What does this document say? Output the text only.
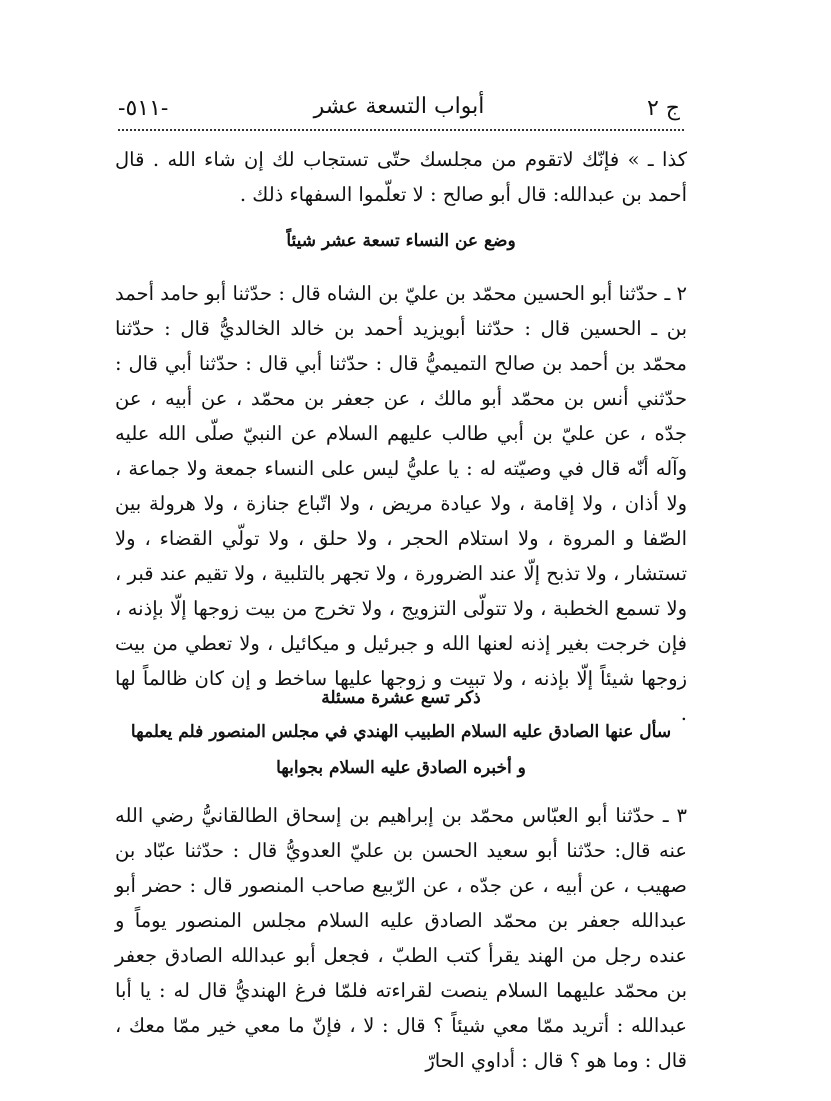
ج ٢
أبواب التسعة عشر
-٥١١-

كذا ـ » فإنّك لاتقوم من مجلسك حتّى تستجاب لك إن شاء الله . قال أحمد بن عبدالله: قال أبو صالح : لا تعلّموا السفهاء ذلك .

وضع عن النساء تسعة عشر شيئاً

٢ ـ حدّثنا أبو الحسين محمّد بن عليّ بن الشاه قال : حدّثنا أبو حامد أحمد بن ـ الحسين قال : حدّثنا أبويزيد أحمد بن خالد الخالديُّ قال : حدّثنا محمّد بن أحمد بن صالح التميميُّ قال : حدّثنا أبي قال : حدّثنا أبي قال : حدّثني أنس بن محمّد أبو مالك ، عن جعفر بن محمّد ، عن أبيه ، عن جدّه ، عن عليّ بن أبي طالب عليهم السلام عن النبيّ صلّى الله عليه وآله أنّه قال في وصيّته له : يا عليُّ ليس على النساء جمعة ولا جماعة ، ولا أذان ، ولا إقامة ، ولا عيادة مريض ، ولا اتّباع جنازة ، ولا هرولة بين الصّفا و المروة ، ولا استلام الحجر ، ولا حلق ، ولا تولّي القضاء ، ولا تستشار ، ولا تذبح إلّا عند الضرورة ، ولا تجهر بالتلبية ، ولا تقيم عند قبر ، ولا تسمع الخطبة ، ولا تتولّى التزويج ، ولا تخرج من بيت زوجها إلّا بإذنه ، فإن خرجت بغير إذنه لعنها الله و جبرئيل و ميكائيل ، ولا تعطي من بيت زوجها شيئاً إلّا بإذنه ، ولا تبيت و زوجها عليها ساخط و إن كان ظالماً لها .

ذكر تسع عشرة مسئلة
سأل عنها الصادق عليه السلام الطبيب الهندي في مجلس المنصور فلم يعلمها
و أخبره الصادق عليه السلام بجوابها

٣ ـ حدّثنا أبو العبّاس محمّد بن إبراهيم بن إسحاق الطالقانيُّ رضي الله عنه قال: حدّثنا أبو سعيد الحسن بن عليّ العدويُّ قال : حدّثنا عبّاد بن صهيب ، عن أبيه ، عن جدّه ، عن الرّبيع صاحب المنصور قال : حضر أبو عبدالله جعفر بن محمّد الصادق عليه السلام مجلس المنصور يوماً و عنده رجل من الهند يقرأ كتب الطبّ ، فجعل أبو عبدالله الصادق جعفر بن محمّد عليهما السلام ينصت لقراءته فلمّا فرغ الهنديُّ قال له : يا أبا عبدالله : أتريد ممّا معي شيئاً ؟ قال : لا ، فإنّ ما معي خير ممّا معك ، قال : وما هو ؟ قال : أداوي الحارّ
